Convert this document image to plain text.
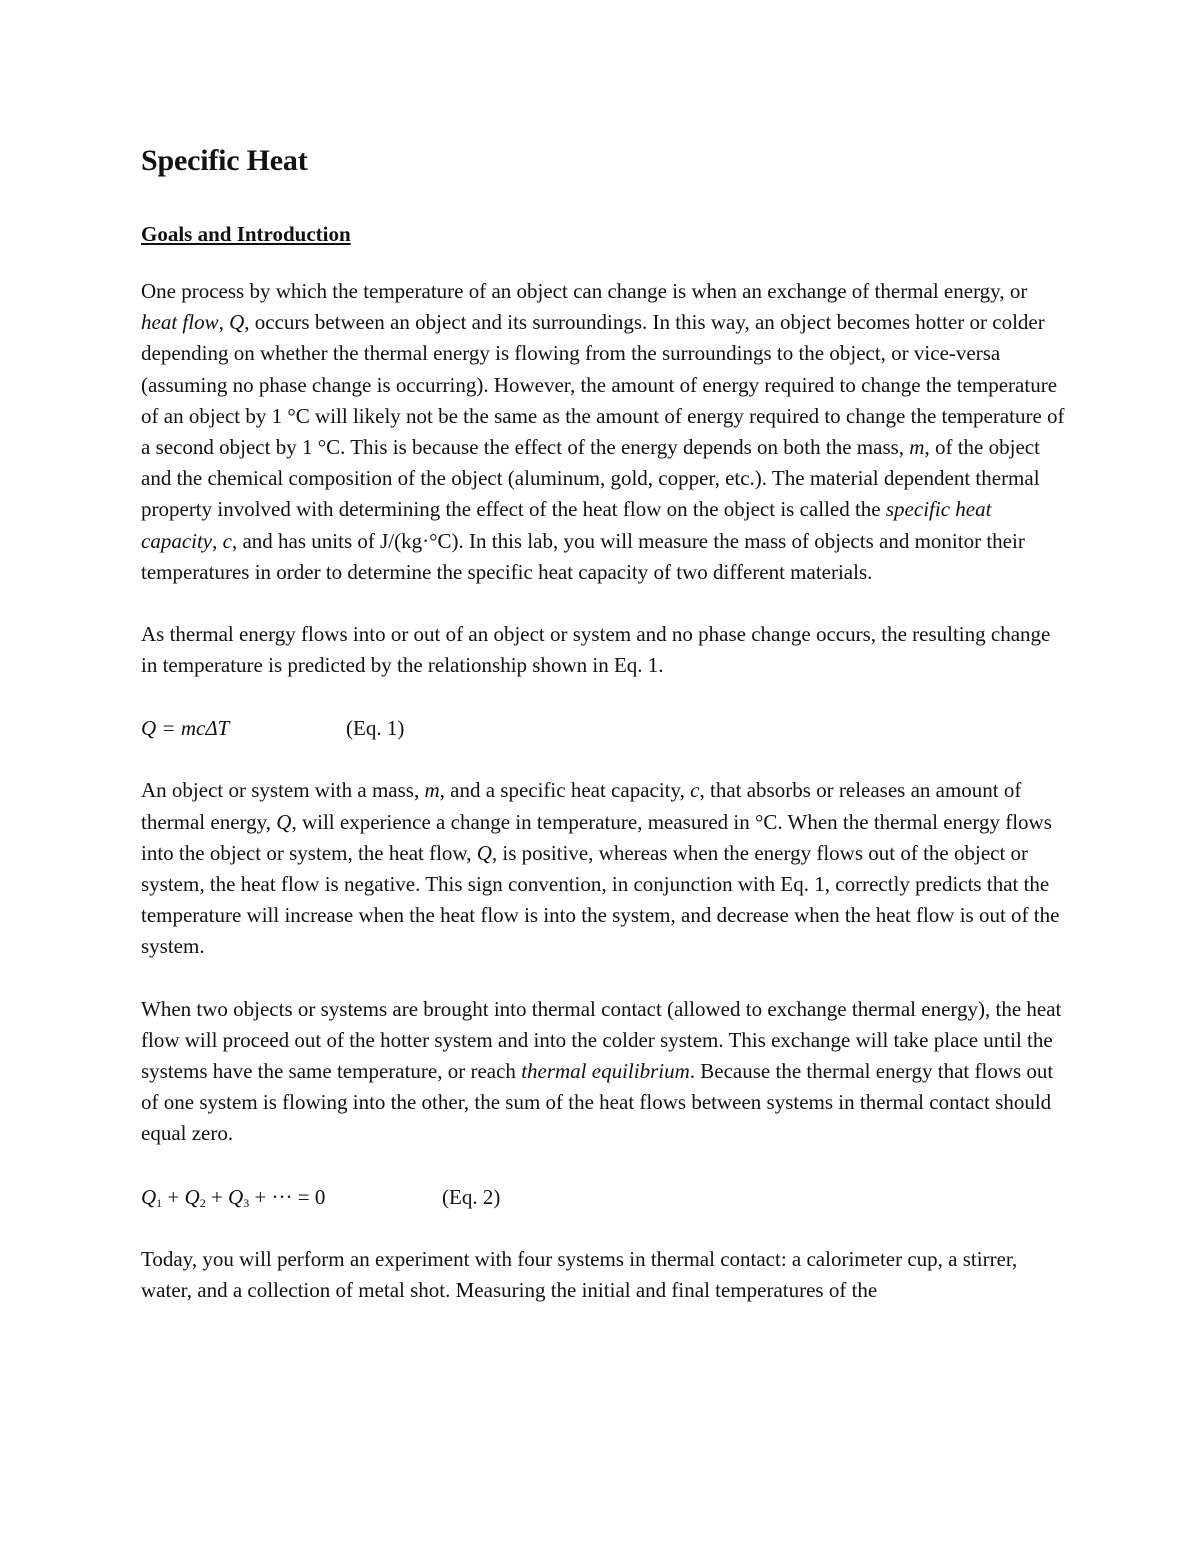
Specific Heat
Goals and Introduction

One process by which the temperature of an object can change is when an exchange of thermal energy, or heat flow, Q, occurs between an object and its surroundings. In this way, an object becomes hotter or colder depending on whether the thermal energy is flowing from the surroundings to the object, or vice-versa (assuming no phase change is occurring). However, the amount of energy required to change the temperature of an object by 1 °C will likely not be the same as the amount of energy required to change the temperature of a second object by 1 °C. This is because the effect of the energy depends on both the mass, m, of the object and the chemical composition of the object (aluminum, gold, copper, etc.). The material dependent thermal property involved with determining the effect of the heat flow on the object is called the specific heat capacity, c, and has units of J/(kg·°C). In this lab, you will measure the mass of objects and monitor their temperatures in order to determine the specific heat capacity of two different materials.

As thermal energy flows into or out of an object or system and no phase change occurs, the resulting change in temperature is predicted by the relationship shown in Eq. 1.

Q = mcΔT	(Eq. 1)

An object or system with a mass, m, and a specific heat capacity, c, that absorbs or releases an amount of thermal energy, Q, will experience a change in temperature, measured in °C. When the thermal energy flows into the object or system, the heat flow, Q, is positive, whereas when the energy flows out of the object or system, the heat flow is negative. This sign convention, in conjunction with Eq. 1, correctly predicts that the temperature will increase when the heat flow is into the system, and decrease when the heat flow is out of the system.

When two objects or systems are brought into thermal contact (allowed to exchange thermal energy), the heat flow will proceed out of the hotter system and into the colder system. This exchange will take place until the systems have the same temperature, or reach thermal equilibrium. Because the thermal energy that flows out of one system is flowing into the other, the sum of the heat flows between systems in thermal contact should equal zero.

$Q_1 + Q_2 + Q_3$ + ··· = 0	(Eq. 2)

Today, you will perform an experiment with four systems in thermal contact: a calorimeter cup, a stirrer, water, and a collection of metal shot. Measuring the initial and final temperatures of the
